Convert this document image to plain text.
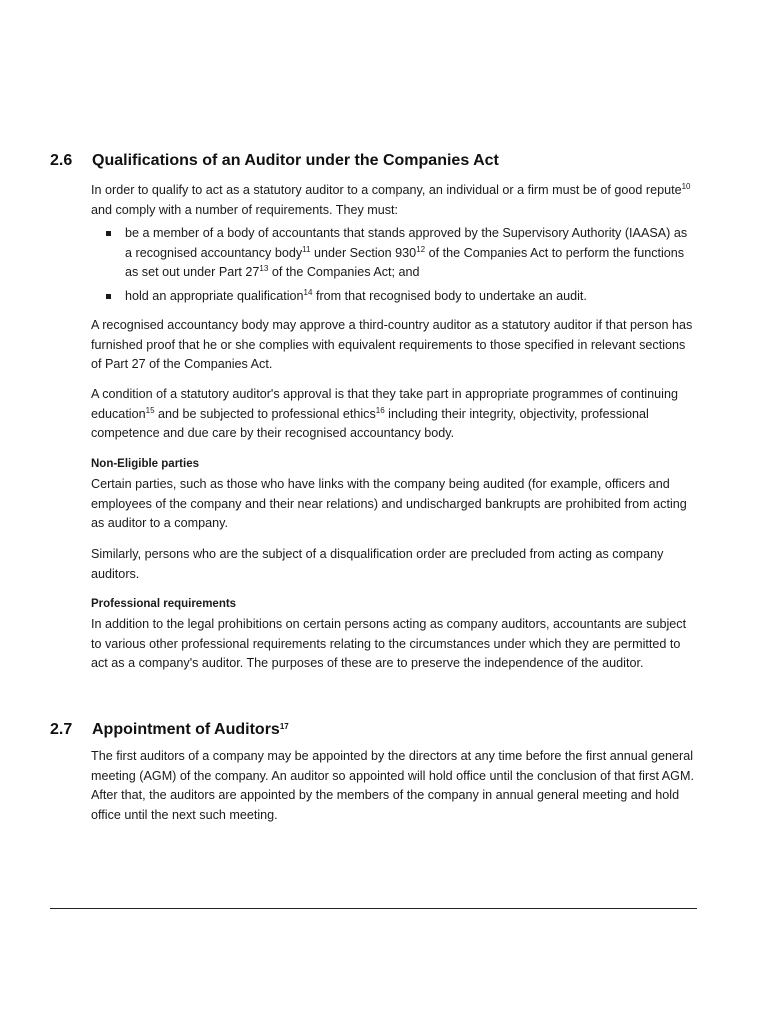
2.6 Qualifications of an Auditor under the Companies Act

In order to qualify to act as a statutory auditor to a company, an individual or a firm must be of good repute$^{10}$ and comply with a number of requirements. They must:

be a member of a body of accountants that stands approved by the Supervisory Authority (IAASA) as a recognised accountancy body$^{11}$ under Section $930^{12}$ of the Companies Act to perform the functions as set out under Part $27^{13}$ of the Companies Act; and
hold an appropriate qualification$^{14}$ from that recognised body to undertake an audit.

A recognised accountancy body may approve a third-country auditor as a statutory auditor if that person has furnished proof that he or she complies with equivalent requirements to those specified in relevant sections of Part 27 of the Companies Act.

A condition of a statutory auditor's approval is that they take part in appropriate programmes of continuing education$^{15}$ and be subjected to professional ethics$^{16}$ including their integrity, objectivity, professional competence and due care by their recognised accountancy body.

Non-Eligible parties

Certain parties, such as those who have links with the company being audited (for example, officers and employees of the company and their near relations) and undischarged bankrupts are prohibited from acting as auditor to a company.

Similarly, persons who are the subject of a disqualification order are precluded from acting as company auditors.

Professional requirements

In addition to the legal prohibitions on certain persons acting as company auditors, accountants are subject to various other professional requirements relating to the circumstances under which they are permitted to act as a company's auditor. The purposes of these are to preserve the independence of the auditor.

2.7 Appointment of Auditors$^{17}$

The first auditors of a company may be appointed by the directors at any time before the first annual general meeting (AGM) of the company. An auditor so appointed will hold office until the conclusion of that first AGM. After that, the auditors are appointed by the members of the company in annual general meeting and hold office until the next such meeting.
